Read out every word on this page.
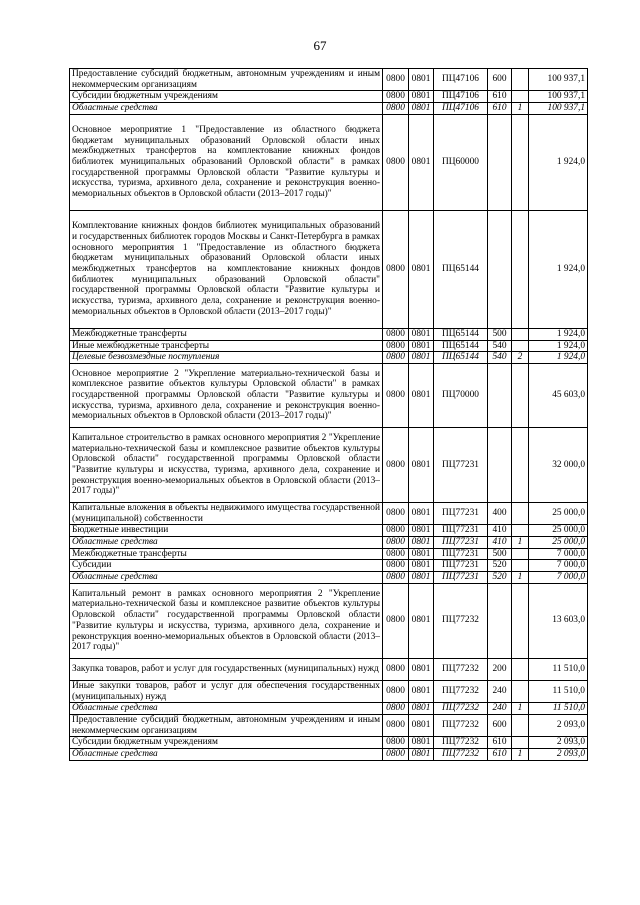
67
Предоставление субсидий бюджетным, автономным учреждениям и иным некоммерческим организациям	0800	0801	ПЦ47106	600		100 937,1
Субсидии бюджетным учреждениям	0800	0801	ПЦ47106	610		100 937,1
Областные средства	0800	0801	ПЦ47106	610	1	100 937,1
Основное мероприятие 1 "Предоставление из областного бюджета бюджетам муниципальных образований Орловской области иных межбюджетных трансфертов на комплектование книжных фондов библиотек муниципальных образований Орловской области" в рамках государственной программы Орловской области "Развитие культуры и искусства, туризма, архивного дела, сохранение и реконструкция военно-мемориальных объектов в Орловской области (2013–2017 годы)"	0800	0801	ПЦ60000			1 924,0
Комплектование книжных фондов библиотек муниципальных образований и государственных библиотек городов Москвы и Санкт-Петербурга в рамках основного мероприятия 1 "Предоставление из областного бюджета бюджетам муниципальных образований Орловской области иных межбюджетных трансфертов на комплектование книжных фондов библиотек муниципальных образований Орловской области" государственной программы Орловской области "Развитие культуры и искусства, туризма, архивного дела, сохранение и реконструкция военно-мемориальных объектов в Орловской области (2013–2017 годы)"	0800	0801	ПЦ65144			1 924,0
Межбюджетные трансферты	0800	0801	ПЦ65144	500		1 924,0
Иные межбюджетные трансферты	0800	0801	ПЦ65144	540		1 924,0
Целевые безвозмездные поступления	0800	0801	ПЦ65144	540	2	1 924,0
Основное мероприятие 2 "Укрепление материально-технической базы и комплексное развитие объектов культуры Орловской области" в рамках государственной программы Орловской области "Развитие культуры и искусства, туризма, архивного дела, сохранение и реконструкция военно-мемориальных объектов в Орловской области (2013–2017 годы)"	0800	0801	ПЦ70000			45 603,0
Капитальное строительство в рамках основного мероприятия 2 "Укрепление материально-технической базы и комплексное развитие объектов культуры Орловской области" государственной программы Орловской области "Развитие культуры и искусства, туризма, архивного дела, сохранение и реконструкция военно-мемориальных объектов в Орловской области (2013–2017 годы)"	0800	0801	ПЦ77231			32 000,0
Капитальные вложения в объекты недвижимого имущества государственной (муниципальной) собственности	0800	0801	ПЦ77231	400		25 000,0
Бюджетные инвестиции	0800	0801	ПЦ77231	410		25 000,0
Областные средства	0800	0801	ПЦ77231	410	1	25 000,0
Межбюджетные трансферты	0800	0801	ПЦ77231	500		7 000,0
Субсидии	0800	0801	ПЦ77231	520		7 000,0
Областные средства	0800	0801	ПЦ77231	520	1	7 000,0
Капитальный ремонт в рамках основного мероприятия 2 "Укрепление материально-технической базы и комплексное развитие объектов культуры Орловской области" государственной программы Орловской области "Развитие культуры и искусства, туризма, архивного дела, сохранение и реконструкция военно-мемориальных объектов в Орловской области (2013–2017 годы)"	0800	0801	ПЦ77232			13 603,0
Закупка товаров, работ и услуг для государственных (муниципальных) нужд	0800	0801	ПЦ77232	200		11 510,0
Иные закупки товаров, работ и услуг для обеспечения государственных (муниципальных) нужд	0800	0801	ПЦ77232	240		11 510,0
Областные средства	0800	0801	ПЦ77232	240	1	11 510,0
Предоставление субсидий бюджетным, автономным учреждениям и иным некоммерческим организациям	0800	0801	ПЦ77232	600		2 093,0
Субсидии бюджетным учреждениям	0800	0801	ПЦ77232	610		2 093,0
Областные средства	0800	0801	ПЦ77232	610	1	2 093,0
